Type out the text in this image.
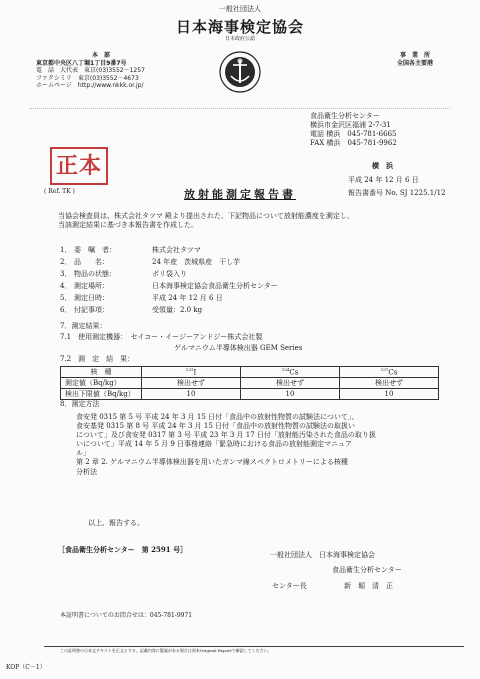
本　部
東京都中央区八丁堀1丁目9番7号
電　話　大代表　 東京(03)3552－1257
ファクシミリ　 東京(03)3552－4673
ホームページ　 http://www.nkkk.or.jp/
一般社団法人
日本海事検定協会
日本政府公認
事　業　所
全国各主要港
食品衛生分析センター
横浜市金沢区福浦 2-7-31
電話 横浜　045-781-6665
FAX 横浜　045-781-9962
正本
( Ref. TK )
横　浜
平成 24 年 12 月 6 日
報告書番号 No. SJ 1225.1/12
放射能測定報告書
当協会検査員は、株式会社タツマ 殿より提出された、下記物品について放射能濃度を測定し、
当該測定結果に基づき本報告書を作成した。
1． 委　嘱　者：	株式会社タツマ
2． 品　　名：	24 年産　茨城県産　干し芋
3． 物品の状態：	ポリ袋入り
4． 測定場所：	日本海事検定協会食品衛生分析センター
5． 測定日時：	平成 24 年 12 月 6 日
6． 付記事項：	受領量：2.0 kg
7．測定結果：
7.1　使用測定機器：　 セイコー・イージーアンドジー株式会社製
ゲルマニウム半導体検出器 GEM Series
7.2　測　定　結　果：
核　種	$^{131}$I	$^{134}$Cs	$^{137}$Cs
測定値（Bq/kg）	検出せず	検出せず	検出せず
検出下限値（Bq/kg）	10	10	10
8．測定方法

食安発 0315 第 5 号 平成 24 年 3 月 15 日付「食品中の放射性物質の試験法について」、

食安基発 0315 第 8 号 平成 24 年 3 月 15 日付「食品中の放射性物質の試験法の取扱い

について」及び食安発 0317 第 3 号 平成 23 年 3 月 17 日付「放射能汚染された食品の取り扱

いについて」平成 14 年 5 月 9 日事務連絡「緊急時における食品の放射能測定マニュア

ル」

第 2 章 2. ゲルマニウム半導体検出器を用いたガンマ線スペクトロメトリーによる核種

分析法

以上、報告する。
［食品衛生分析センター　第 2591 号］
一般社団法人　日本海事検定協会
食品衛生分析センター
センター長	新　堀　清　正
本証明書についてのお問合せは：045-781-9971
この証明書の日本文テキストを正文とする。記載内容に疑義がある場合は原本Original Reportで確認してください。
KOP（C－1）
